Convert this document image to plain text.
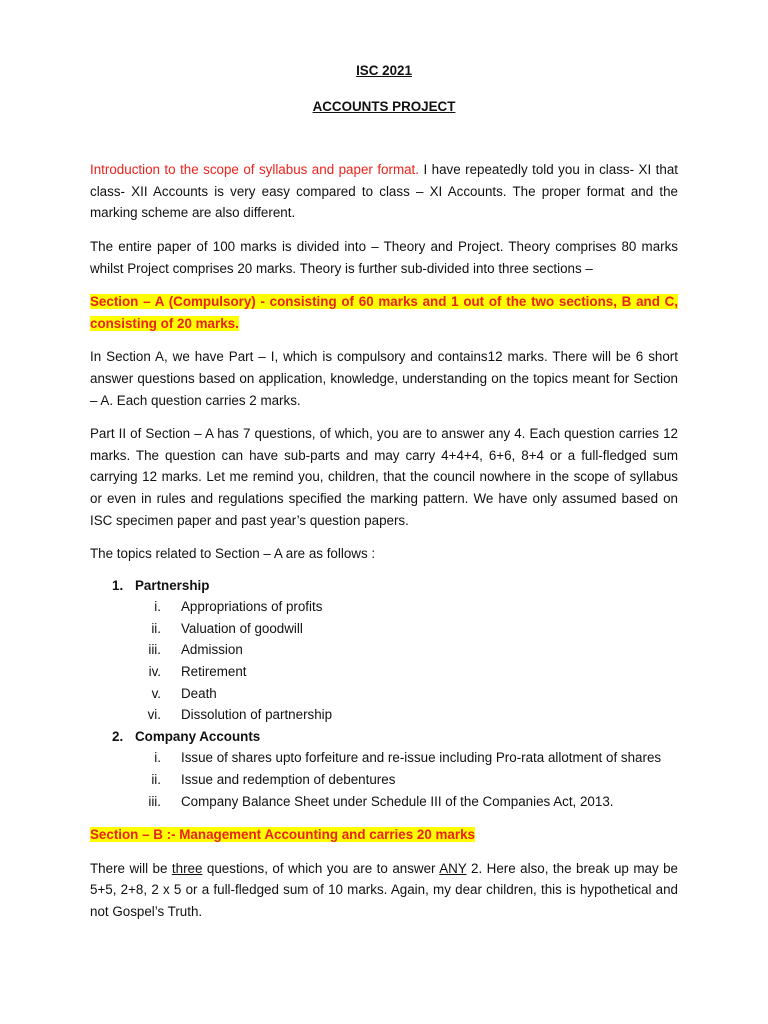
ISC 2021

ACCOUNTS PROJECT

Introduction to the scope of syllabus and paper format. I have repeatedly told you in class- XI that class- XII Accounts is very easy compared to class – XI Accounts. The proper format and the marking scheme are also different.

The entire paper of 100 marks is divided into – Theory and Project. Theory comprises 80 marks whilst Project comprises 20 marks. Theory is further sub-divided into three sections –

Section – A (Compulsory) - consisting of 60 marks and 1 out of the two sections, B and C, consisting of 20 marks.

In Section A, we have Part – I, which is compulsory and contains12 marks. There will be 6 short answer questions based on application, knowledge, understanding on the topics meant for Section – A. Each question carries 2 marks.

Part II of Section – A has 7 questions, of which, you are to answer any 4. Each question carries 12 marks. The question can have sub-parts and may carry 4+4+4, 6+6, 8+4 or a full-fledged sum carrying 12 marks. Let me remind you, children, that the council nowhere in the scope of syllabus or even in rules and regulations specified the marking pattern. We have only assumed based on ISC specimen paper and past year’s question papers.

The topics related to Section – A are as follows :

1. Partnership
i. Appropriations of profits
ii. Valuation of goodwill
iii. Admission
iv. Retirement
v. Death
vi. Dissolution of partnership
2. Company Accounts
i. Issue of shares upto forfeiture and re-issue including Pro-rata allotment of shares
ii. Issue and redemption of debentures
iii. Company Balance Sheet under Schedule III of the Companies Act, 2013.

Section – B :- Management Accounting and carries 20 marks

There will be three questions, of which you are to answer ANY 2. Here also, the break up may be 5+5, 2+8, 2 x 5 or a full-fledged sum of 10 marks. Again, my dear children, this is hypothetical and not Gospel’s Truth.
